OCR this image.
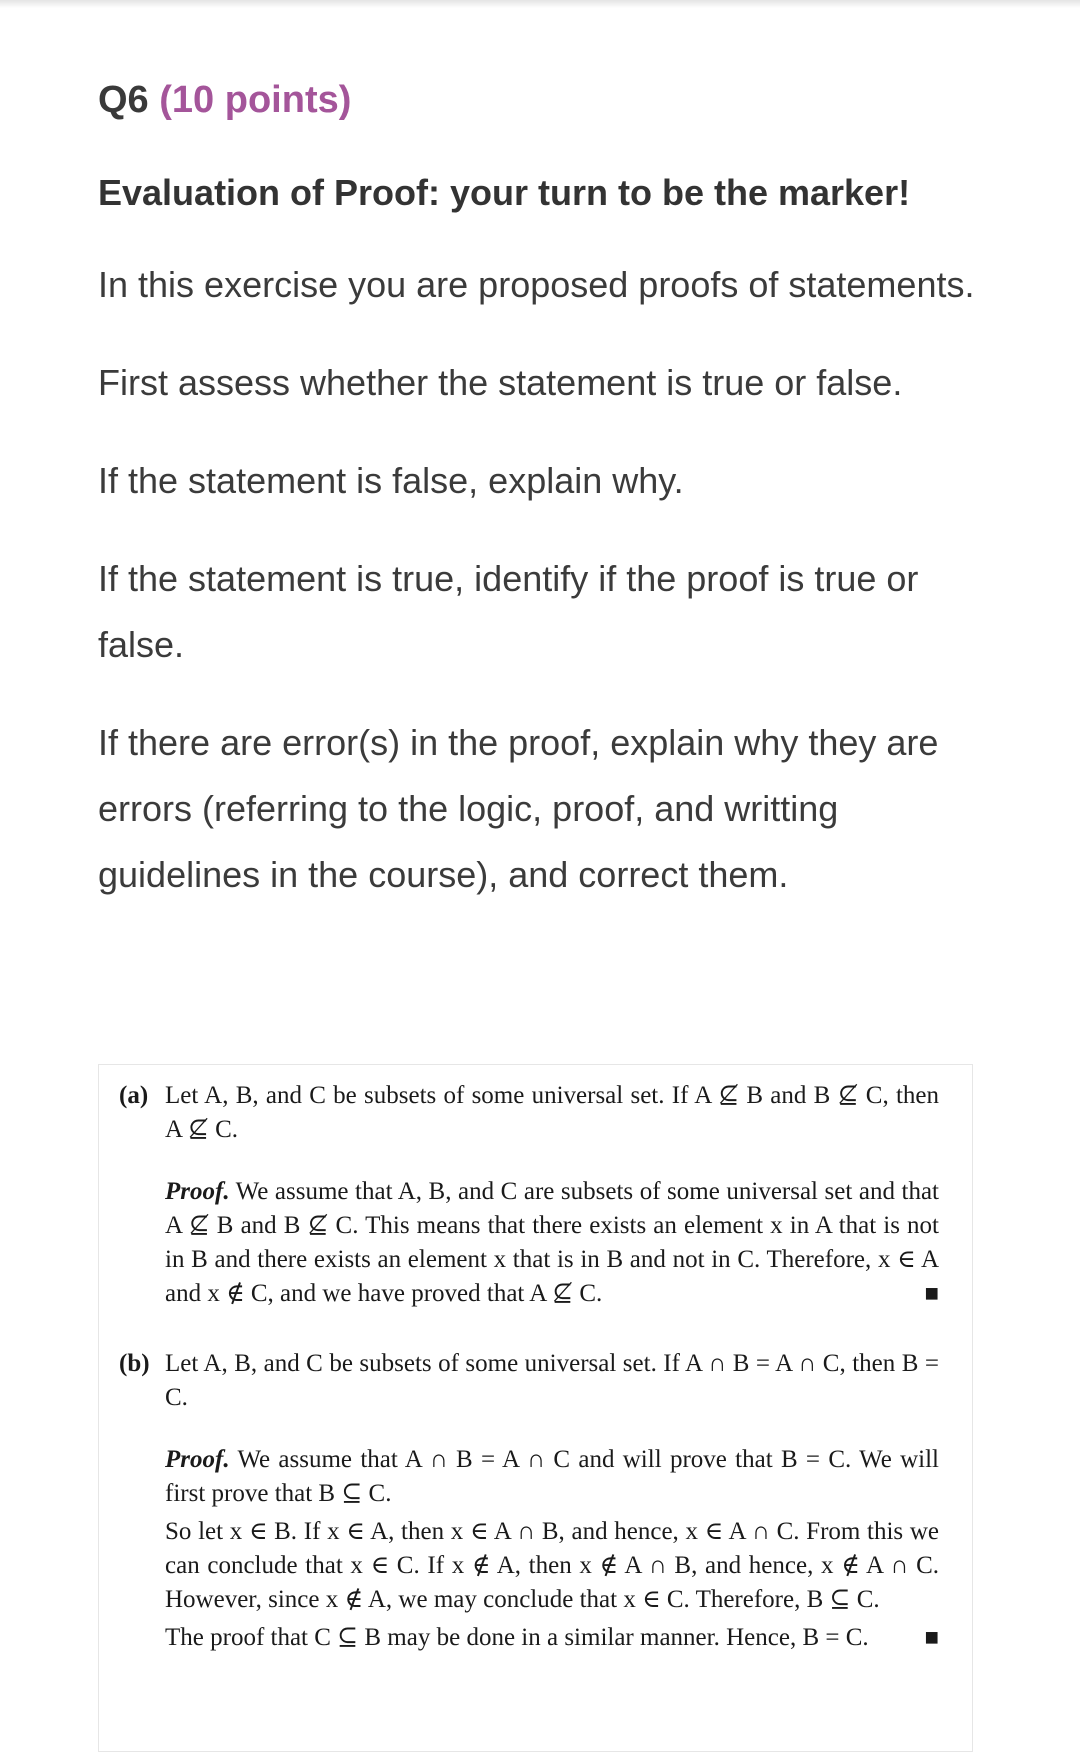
Q6 (10 points)
Evaluation of Proof: your turn to be the marker!

In this exercise you are proposed proofs of statements.

First assess whether the statement is true or false.

If the statement is false, explain why.

If the statement is true, identify if the proof is true or false.

If there are error(s) in the proof, explain why they are errors (referring to the logic, proof, and writting guidelines in the course), and correct them.

(a) Let A, B, and C be subsets of some universal set. If A ⊈ B and B ⊈ C, then A ⊈ C.

Proof. We assume that A, B, and C are subsets of some universal set and that A ⊈ B and B ⊈ C. This means that there exists an element x in A that is not in B and there exists an element x that is in B and not in C. Therefore, x ∈ A and x ∉ C, and we have proved that A ⊈ C.	■

(b) Let A, B, and C be subsets of some universal set. If A ∩ B = A ∩ C, then B = C.

Proof. We assume that A ∩ B = A ∩ C and will prove that B = C. We will first prove that B ⊆ C.

So let x ∈ B. If x ∈ A, then x ∈ A ∩ B, and hence, x ∈ A ∩ C. From this we can conclude that x ∈ C. If x ∉ A, then x ∉ A ∩ B, and hence, x ∉ A ∩ C. However, since x ∉ A, we may conclude that x ∈ C. Therefore, B ⊆ C.

The proof that C ⊆ B may be done in a similar manner. Hence, B = C. ■
